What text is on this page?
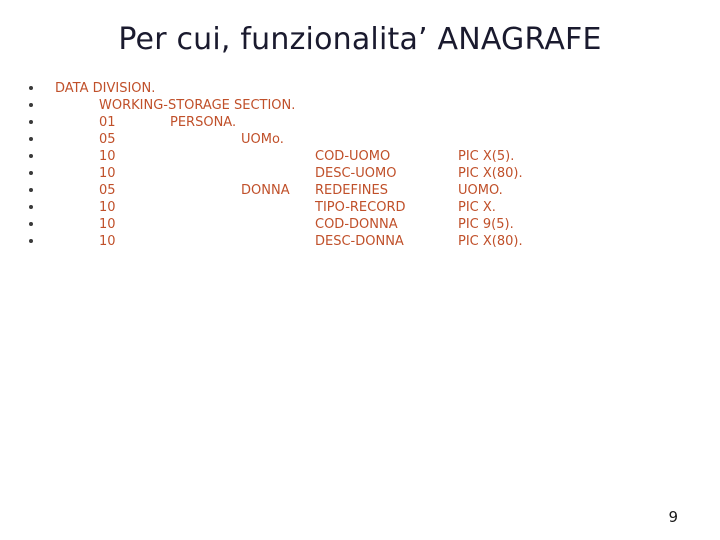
Per cui, funzionalita’ ANAGRAFE
DATA DIVISION.
WORKING-STORAGE SECTION.
01	PERSONA.
05	UOMo.
10	COD-UOMO	PIC X(5).
10	DESC-UOMO	PIC X(80).
05	DONNA REDEFINES	UOMO.
10	TIPO-RECORD	PIC X.
10	COD-DONNA	PIC 9(5).
10	DESC-DONNA	PIC X(80).
9
